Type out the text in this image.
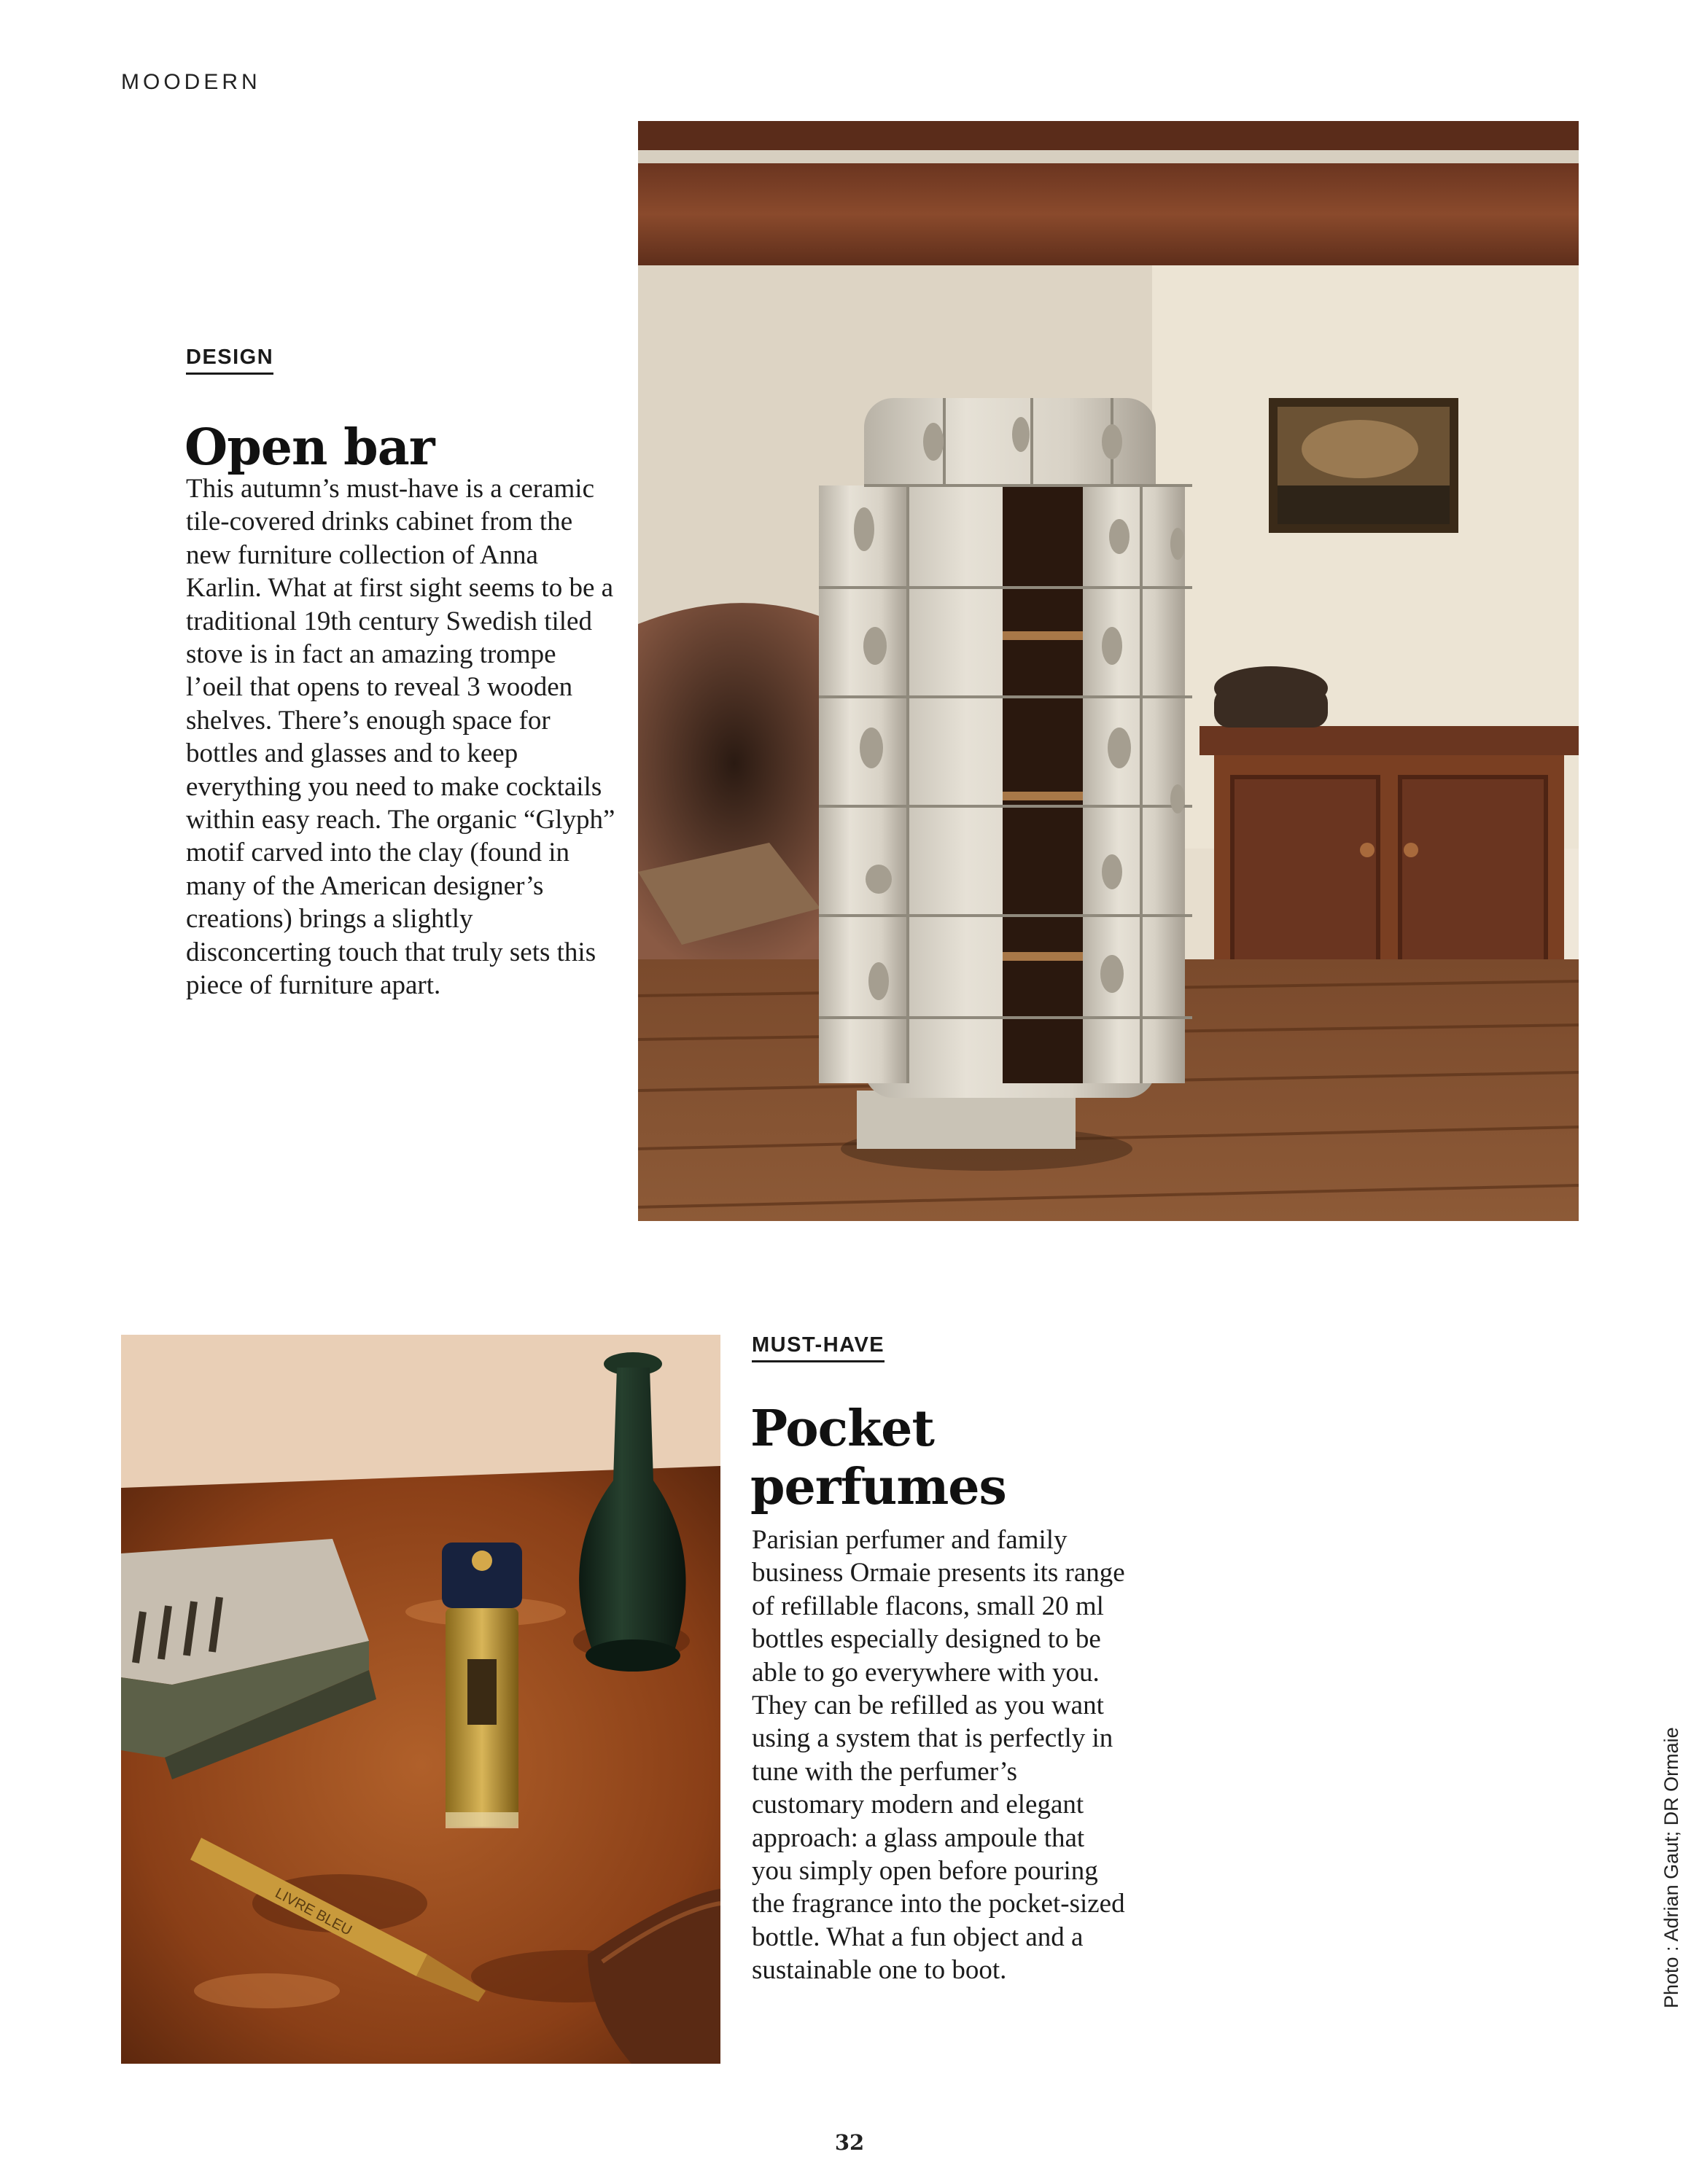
MOODERN
DESIGN
Open bar

This autumn’s must-have is a ceramic tile-covered drinks cabinet from the new furniture collection of Anna Karlin. What at first sight seems to be a traditional 19th century Swedish tiled stove is in fact an amazing trompe l’oeil that opens to reveal 3 wooden shelves. There’s enough space for bottles and glasses and to keep everything you need to make cocktails within easy reach. The organic “Glyph” motif carved into the clay (found in many of the American designer’s creations) brings a slightly disconcerting touch that truly sets this piece of furniture apart.

LIVRE BLEU
MUST-HAVE
Pocket
perfumes

Parisian perfumer and family business Ormaie presents its range of refillable flacons, small 20 ml bottles especially designed to be able to go everywhere with you. They can be refilled as you want using a system that is perfectly in tune with the perfumer’s customary modern and elegant approach: a glass ampoule that you simply open before pouring the fragrance into the pocket-sized bottle. What a fun object and a sustainable one to boot.	Photo : Adrian Gaut; DR Ormaie
32
